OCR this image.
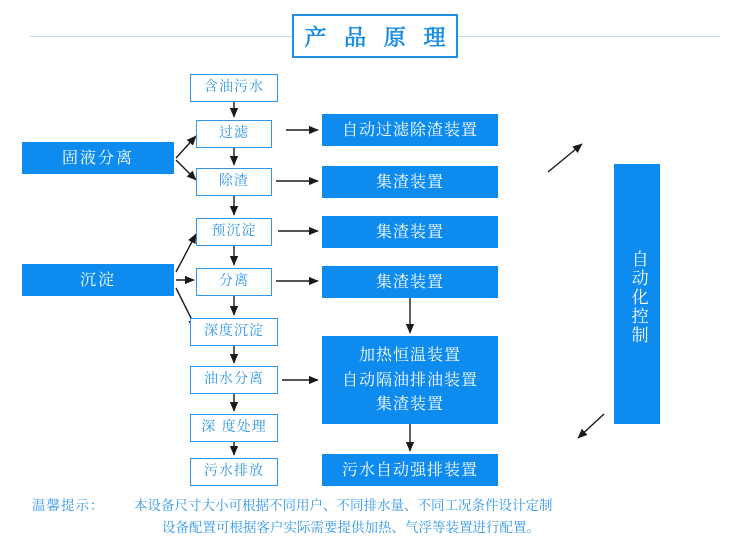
产 品 原 理
固液分离
沉淀
含油污水
过滤
除渣
预沉淀
分离
深度沉淀
油水分离
深 度处理
污水排放
自动过滤除渣装置
集渣装置
集渣装置
集渣装置
加热恒温装置
自动隔油排油装置
集渣装置
污水自动强排装置
自动化控制
温馨提示： 本设备尺寸大小可根据不同用户、不同排水量、不同工况条件设计定制
设备配置可根据客户实际需要提供加热、气浮等装置进行配置。
